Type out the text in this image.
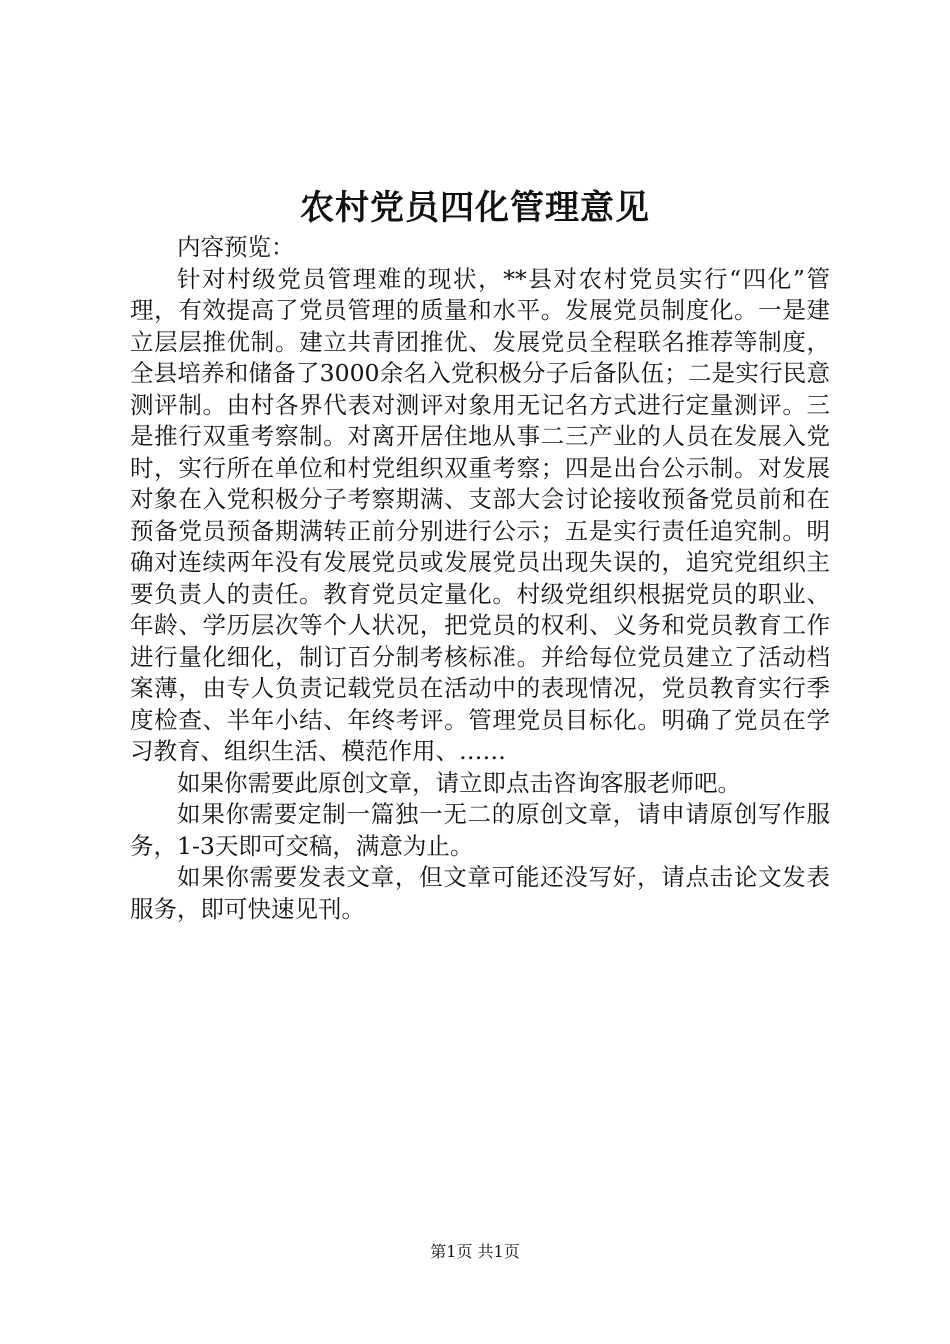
农村党员四化管理意见

内容预览：

针对村级党员管理难的现状，**县对农村党员实行“四化”管理，有效提高了党员管理的质量和水平。发展党员制度化。一是建立层层推优制。建立共青团推优、发展党员全程联名推荐等制度，全县培养和储备了3000余名入党积极分子后备队伍；二是实行民意测评制。由村各界代表对测评对象用无记名方式进行定量测评。三是推行双重考察制。对离开居住地从事二三产业的人员在发展入党时，实行所在单位和村党组织双重考察；四是出台公示制。对发展对象在入党积极分子考察期满、支部大会讨论接收预备党员前和在预备党员预备期满转正前分别进行公示；五是实行责任追究制。明确对连续两年没有发展党员或发展党员出现失误的，追究党组织主要负责人的责任。教育党员定量化。村级党组织根据党员的职业、年龄、学历层次等个人状况，把党员的权利、义务和党员教育工作进行量化细化，制订百分制考核标准。并给每位党员建立了活动档案薄，由专人负责记载党员在活动中的表现情况，党员教育实行季度检查、半年小结、年终考评。管理党员目标化。明确了党员在学习教育、组织生活、模范作用、……

如果你需要此原创文章，请立即点击咨询客服老师吧。

如果你需要定制一篇独一无二的原创文章，请申请原创写作服务，1-3天即可交稿，满意为止。

如果你需要发表文章，但文章可能还没写好，请点击论文发表服务，即可快速见刊。

第1页 共1页
